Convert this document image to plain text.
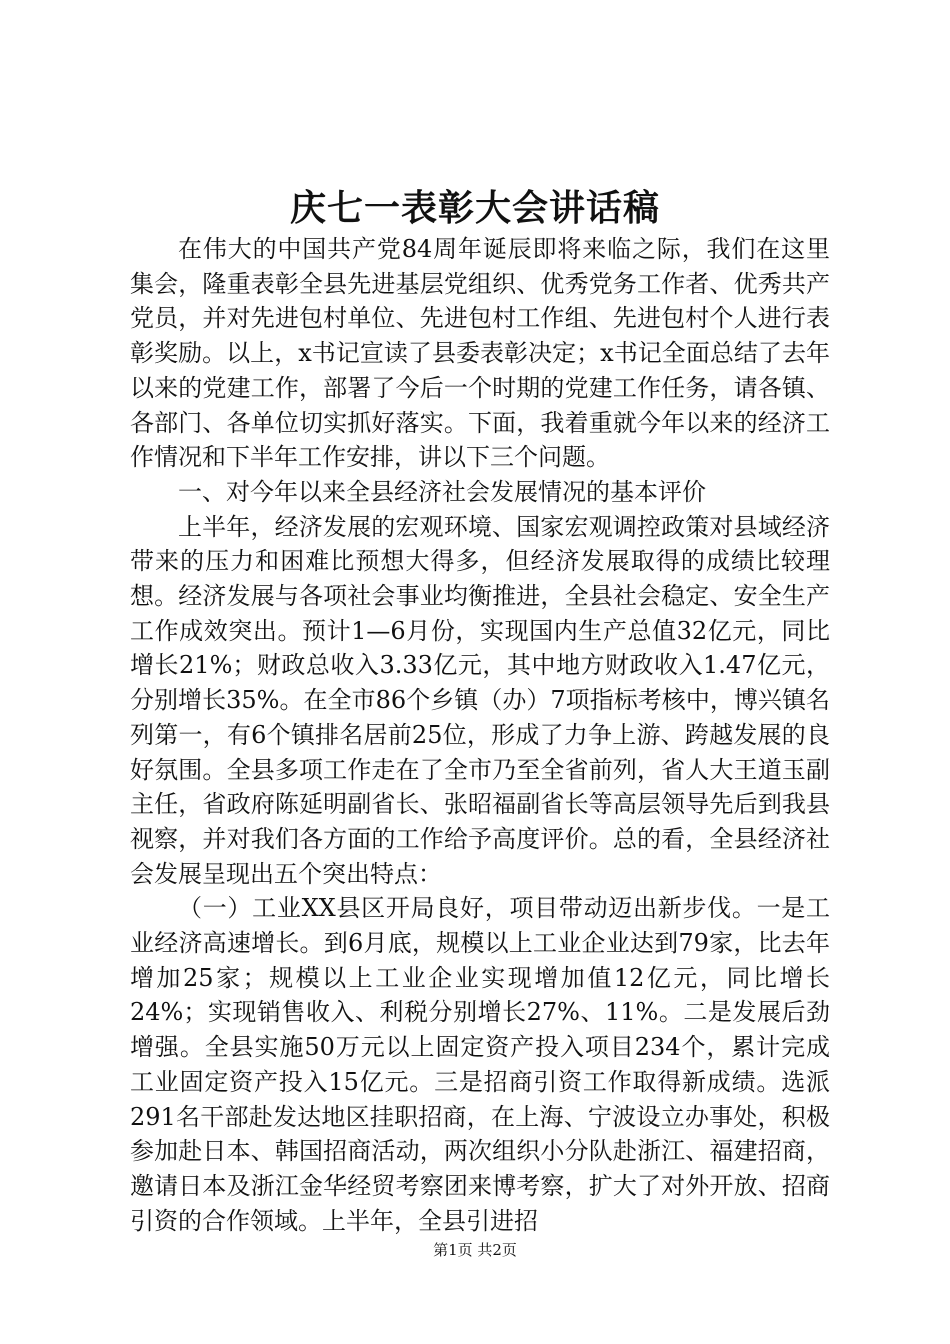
庆七一表彰大会讲话稿

在伟大的中国共产党84周年诞辰即将来临之际，我们在这里集会，隆重表彰全县先进基层党组织、优秀党务工作者、优秀共产党员，并对先进包村单位、先进包村工作组、先进包村个人进行表彰奖励。以上，x书记宣读了县委表彰决定；x书记全面总结了去年以来的党建工作，部署了今后一个时期的党建工作任务，请各镇、各部门、各单位切实抓好落实。下面，我着重就今年以来的经济工作情况和下半年工作安排，讲以下三个问题。

一、对今年以来全县经济社会发展情况的基本评价

上半年，经济发展的宏观环境、国家宏观调控政策对县域经济带来的压力和困难比预想大得多，但经济发展取得的成绩比较理想。经济发展与各项社会事业均衡推进，全县社会稳定、安全生产工作成效突出。预计1—6月份，实现国内生产总值32亿元，同比增长21%；财政总收入3.33亿元，其中地方财政收入1.47亿元，分别增长35%。在全市86个乡镇（办）7项指标考核中，博兴镇名列第一，有6个镇排名居前25位，形成了力争上游、跨越发展的良好氛围。全县多项工作走在了全市乃至全省前列，省人大王道玉副主任，省政府陈延明副省长、张昭福副省长等高层领导先后到我县视察，并对我们各方面的工作给予高度评价。总的看，全县经济社会发展呈现出五个突出特点：

（一）工业XX县区开局良好，项目带动迈出新步伐。一是工业经济高速增长。到6月底，规模以上工业企业达到79家，比去年增加25家；规模以上工业企业实现增加值12亿元，同比增长24%；实现销售收入、利税分别增长27%、11%。二是发展后劲增强。全县实施50万元以上固定资产投入项目234个，累计完成工业固定资产投入15亿元。三是招商引资工作取得新成绩。选派291名干部赴发达地区挂职招商，在上海、宁波设立办事处，积极参加赴日本、韩国招商活动，两次组织小分队赴浙江、福建招商，邀请日本及浙江金华经贸考察团来博考察，扩大了对外开放、招商引资的合作领域。上半年，全县引进招

第1页 共2页
